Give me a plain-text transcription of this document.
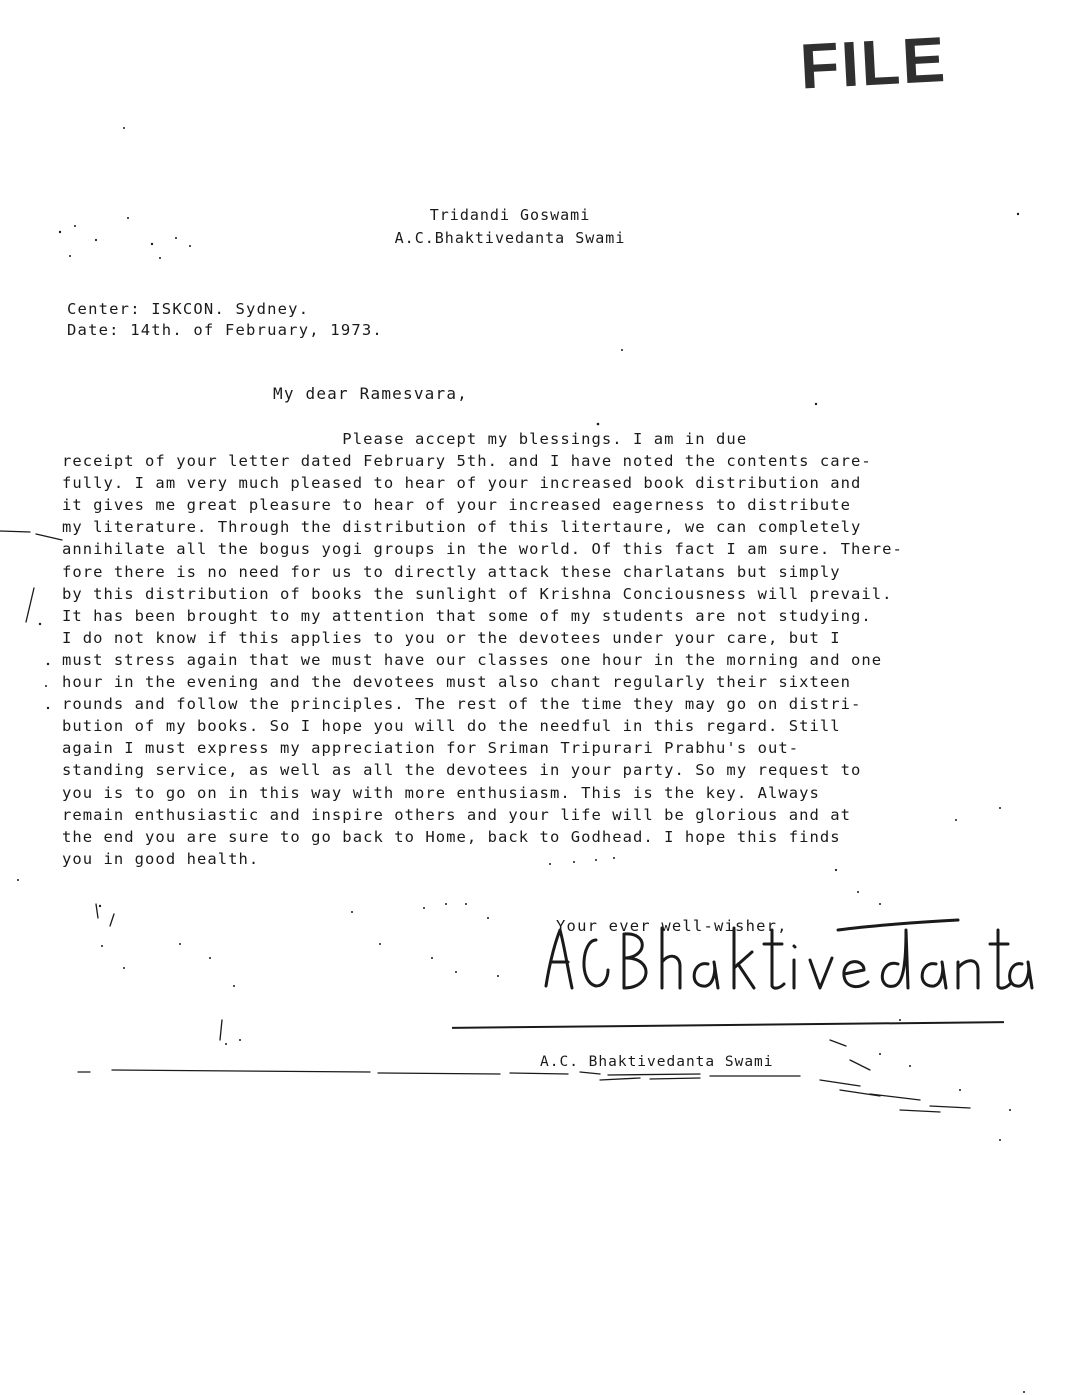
FILE
Tridandi Goswami
A.C.Bhaktivedanta Swami
Center: ISKCON. Sydney.
Date: 14th. of February, 1973.
My dear Ramesvara,
Please accept my blessings. I am in due
receipt of your letter dated February 5th. and I have noted the contents care-
fully. I am very much pleased to hear of your increased book distribution and
it gives me great pleasure to hear of your increased eagerness to distribute
my literature. Through the distribution of this litertaure, we can completely
annihilate all the bogus yogi groups in the world. Of this fact I am sure. There-
fore there is no need for us to directly attack these charlatans but simply
by this distribution of books the sunlight of Krishna Conciousness will prevail.
It has been brought to my attention that some of my students are not studying.
I do not know if this applies to you or the devotees under your care, but I
must stress again that we must have our classes one hour in the morning and one
hour in the evening and the devotees must also chant regularly their sixteen
rounds and follow the principles. The rest of the time they may go on distri-
bution of my books. So I hope you will do the needful in this regard. Still
again I must express my appreciation for Sriman Tripurari Prabhu's out-
standing service, as well as all the devotees in your party. So my request to
you is to go on in this way with more enthusiasm. This is the key. Always
remain enthusiastic and inspire others and your life will be glorious and at
the end you are sure to go back to Home, back to Godhead. I hope this finds
you in good health.
Your ever well-wisher,
A.C. Bhaktivedanta Swami
